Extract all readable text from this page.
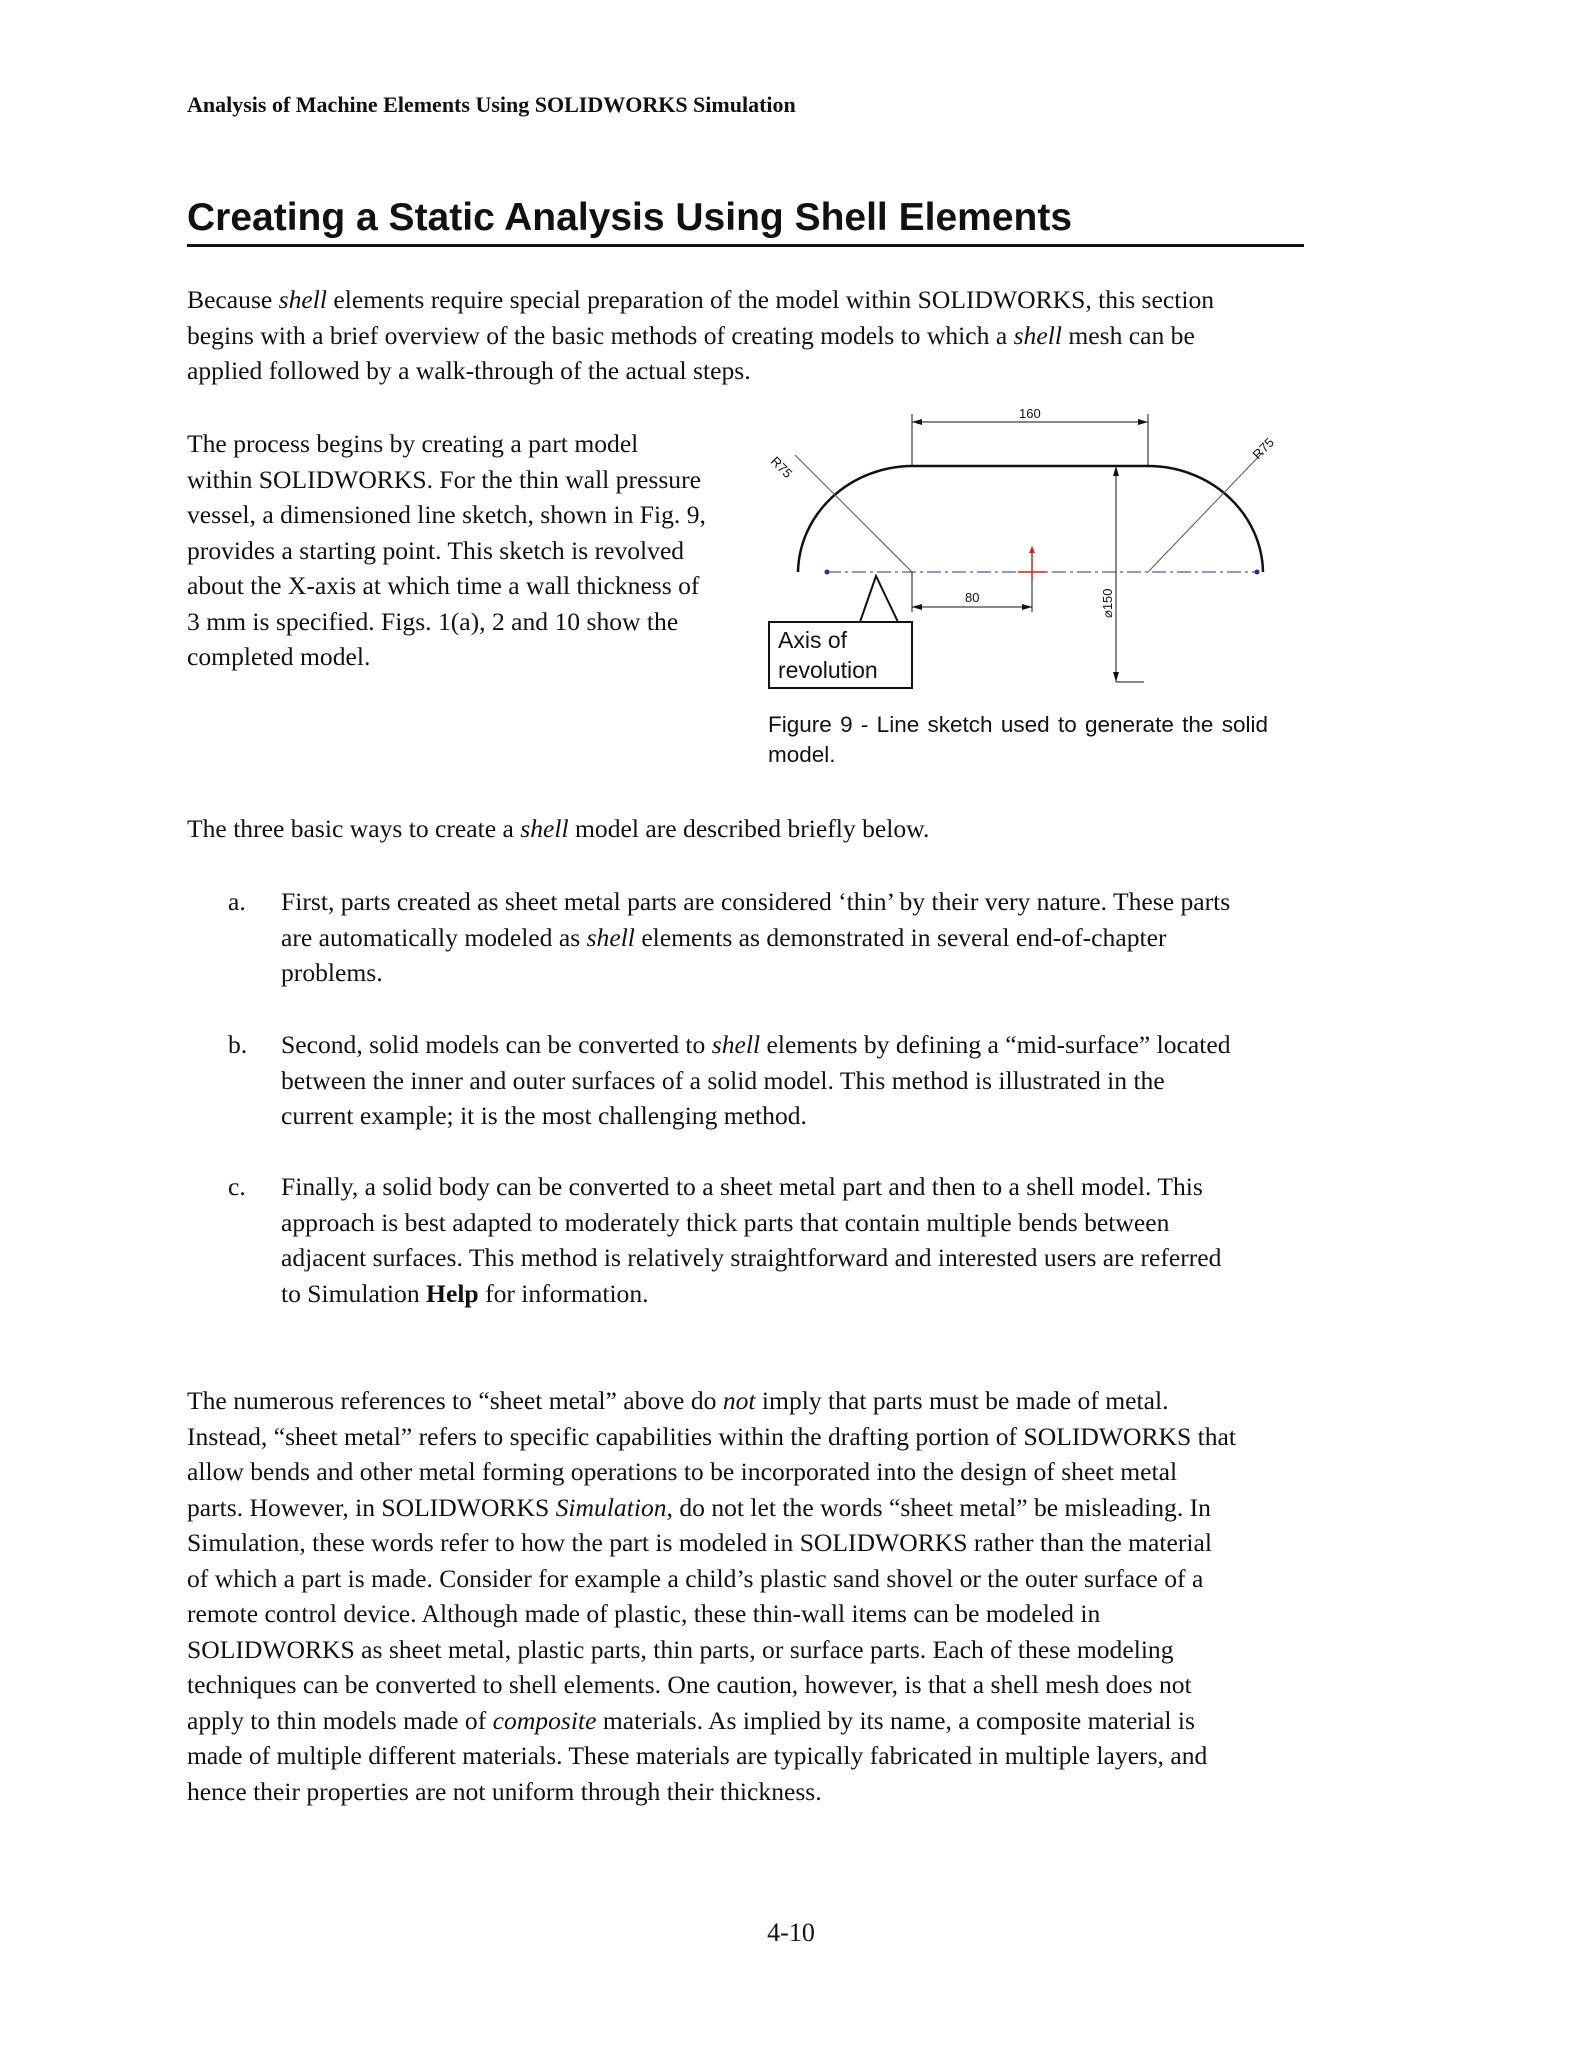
Analysis of Machine Elements Using SOLIDWORKS Simulation
Creating a Static Analysis Using Shell Elements

Because shell elements require special preparation of the model within SOLIDWORKS, this section begins with a brief overview of the basic methods of creating models to which a shell mesh can be applied followed by a walk-through of the actual steps.

The process begins by creating a part model within SOLIDWORKS. For the thin wall pressure vessel, a dimensioned line sketch, shown in Fig. 9, provides a starting point. This sketch is revolved about the X-axis at which time a wall thickness of 3 mm is specified. Figs. 1(a), 2 and 10 show the completed model.

160
R75
R75
80	⌀150
Axis of
revolution
Figure 9 - Line sketch used to generate the solid model.

The three basic ways to create a shell model are described briefly below.

a.	First, parts created as sheet metal parts are considered ‘thin’ by their very nature. These parts are automatically modeled as shell elements as demonstrated in several end-of-chapter problems.
b.	Second, solid models can be converted to shell elements by defining a “mid-surface” located between the inner and outer surfaces of a solid model. This method is illustrated in the current example; it is the most challenging method.
c.	Finally, a solid body can be converted to a sheet metal part and then to a shell model. This approach is best adapted to moderately thick parts that contain multiple bends between adjacent surfaces. This method is relatively straightforward and interested users are referred to Simulation Help for information.

The numerous references to “sheet metal” above do not imply that parts must be made of metal. Instead, “sheet metal” refers to specific capabilities within the drafting portion of SOLIDWORKS that allow bends and other metal forming operations to be incorporated into the design of sheet metal parts. However, in SOLIDWORKS Simulation, do not let the words “sheet metal” be misleading. In Simulation, these words refer to how the part is modeled in SOLIDWORKS rather than the material of which a part is made. Consider for example a child’s plastic sand shovel or the outer surface of a remote control device. Although made of plastic, these thin-wall items can be modeled in SOLIDWORKS as sheet metal, plastic parts, thin parts, or surface parts. Each of these modeling techniques can be converted to shell elements. One caution, however, is that a shell mesh does not apply to thin models made of composite materials. As implied by its name, a composite material is made of multiple different materials. These materials are typically fabricated in multiple layers, and hence their properties are not uniform through their thickness.

4-10
